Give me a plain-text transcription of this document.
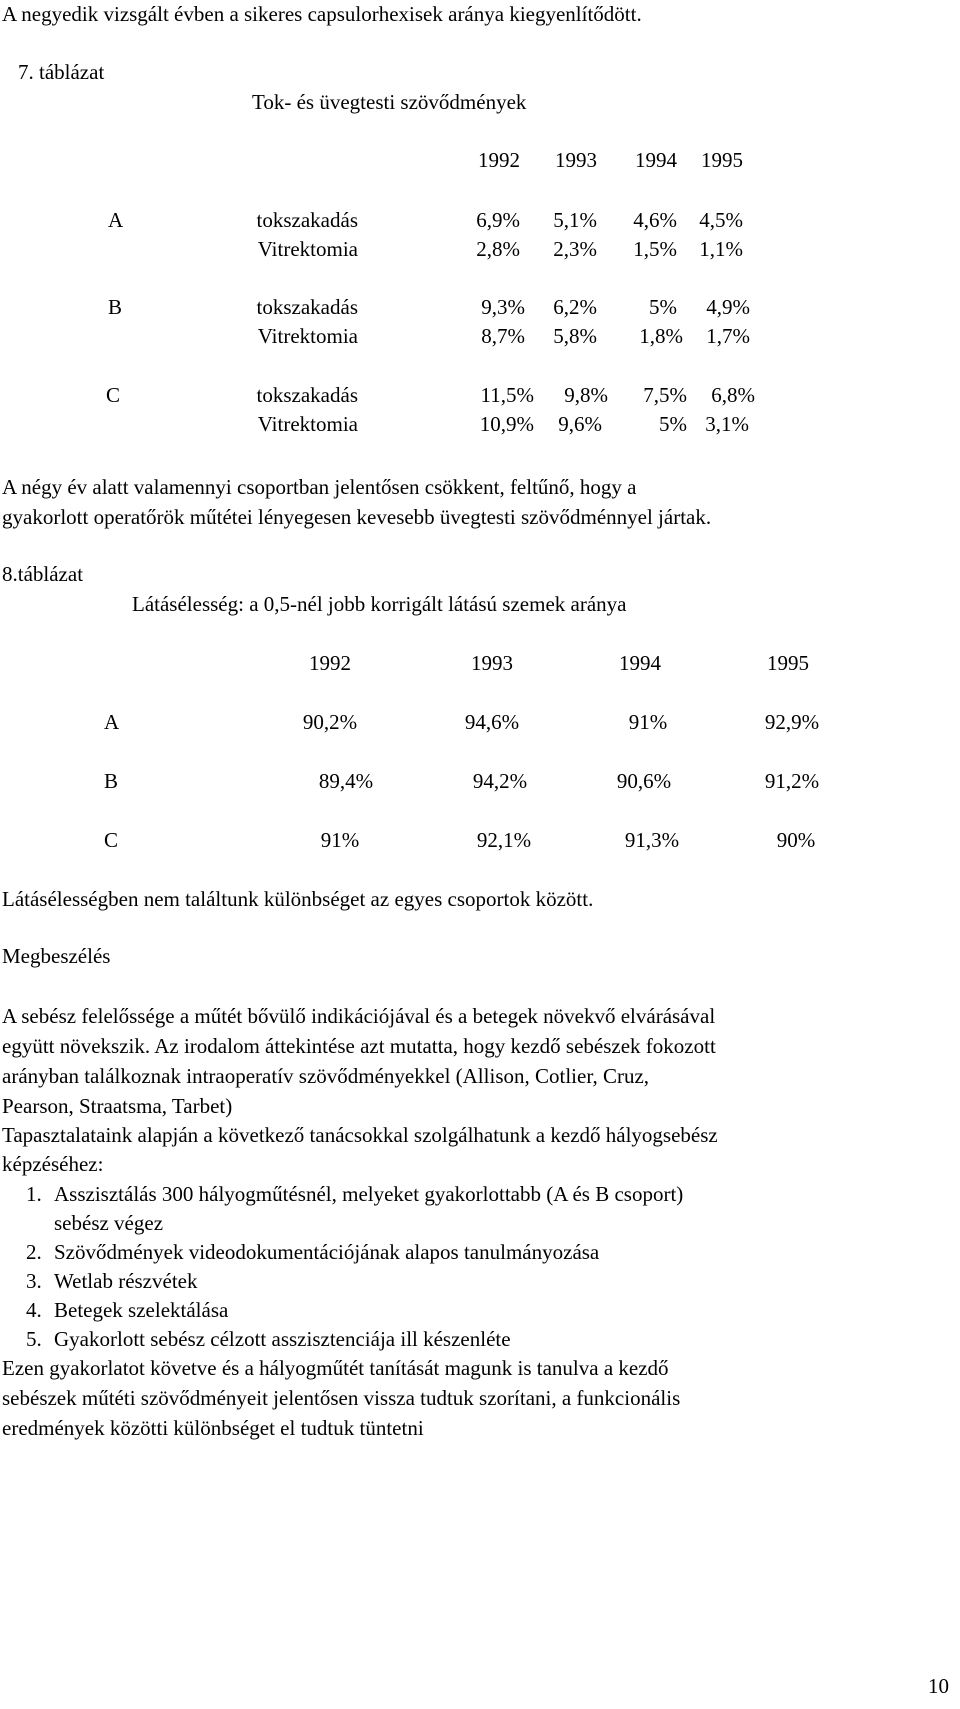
A negyedik vizsgált évben a sikeres capsulorhexisek aránya kiegyenlítődött.
7. táblázat
Tok- és üvegtesti szövődmények
1992	1993	1994	1995
A	tokszakadás	6,9%	5,1%	4,6%	4,5%
Vitrektomia	2,8%	2,3%	1,5%	1,1%
B	tokszakadás	9,3%	6,2%	5%	4,9%
Vitrektomia	8,7%	5,8%	1,8%	1,7%
C	tokszakadás	11,5%	9,8%	7,5%	6,8%
Vitrektomia	10,9%	9,6%	5% 3,1%
A négy év alatt valamennyi csoportban jelentősen csökkent, feltűnő, hogy a
gyakorlott operatőrök műtétei lényegesen kevesebb üvegtesti szövődménnyel jártak.
8.táblázat
Látásélesség: a 0,5-nél jobb korrigált látású szemek aránya
1992	1993	1994	1995
A	90,2%	94,6%	91%	92,9%
B	89,4%	94,2%	90,6%	91,2%
C	91%	92,1%	91,3%	90%
Látásélességben nem találtunk különbséget az egyes csoportok között.
Megbeszélés
A sebész felelőssége a műtét bővülő indikációjával és a betegek növekvő elvárásával
együtt növekszik. Az irodalom áttekintése azt mutatta, hogy kezdő sebészek fokozott
arányban találkoznak intraoperatív szövődményekkel (Allison, Cotlier, Cruz,
Pearson, Straatsma, Tarbet)
Tapasztalataink alapján a következő tanácsokkal szolgálhatunk a kezdő hályogsebész
képzéséhez:
1. Asszisztálás 300 hályogműtésnél, melyeket gyakorlottabb (A és B csoport)
sebész végez
2. Szövődmények videodokumentációjának alapos tanulmányozása
3. Wetlab részvétek
4. Betegek szelektálása
5. Gyakorlott sebész célzott asszisztenciája ill készenléte
Ezen gyakorlatot követve és a hályogműtét tanítását magunk is tanulva a kezdő
sebészek műtéti szövődményeit jelentősen vissza tudtuk szorítani, a funkcionális
eredmények közötti különbséget el tudtuk tüntetni
10
